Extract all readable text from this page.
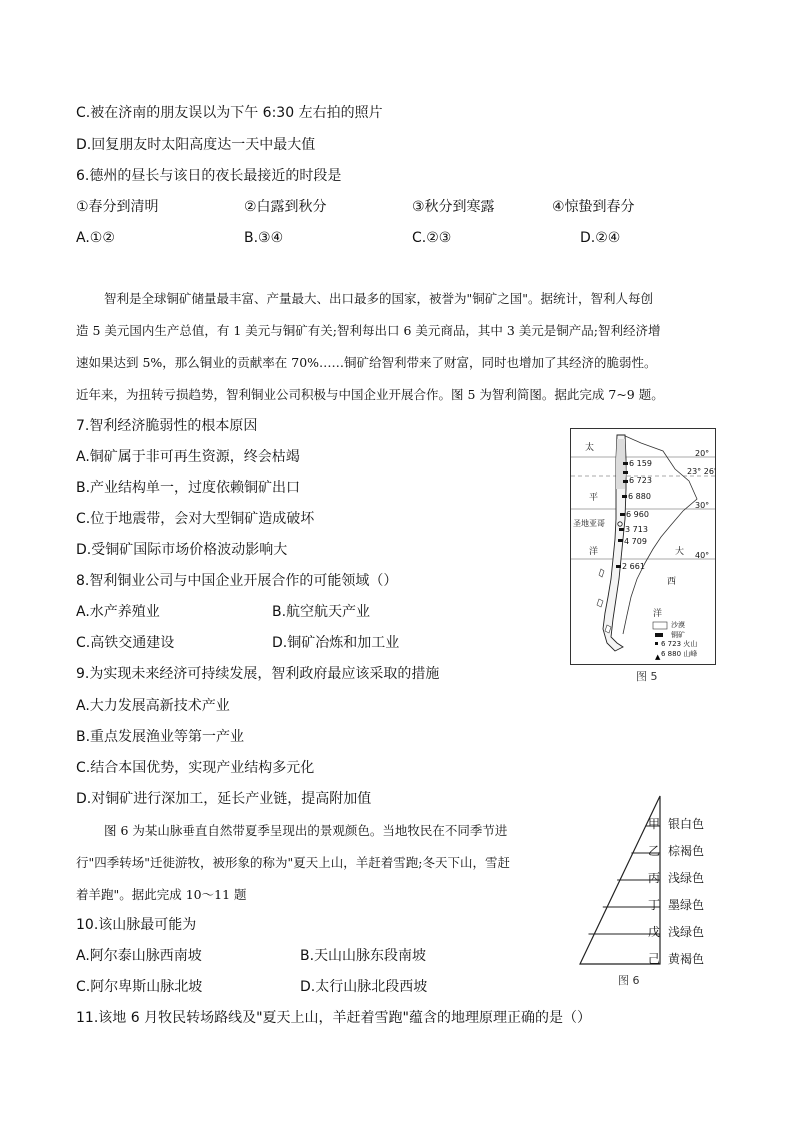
C.被在济南的朋友误以为下午 6:30 左右拍的照片
D.回复朋友时太阳高度达一天中最大值
6.德州的昼长与该日的夜长最接近的时段是
①春分到清明	②白露到秋分	③秋分到寒露	④惊蛰到春分
A.①②	B.③④	C.②③	D.②④
智利是全球铜矿储量最丰富、产量最大、出口最多的国家，被誉为"铜矿之国"。据统计，智利人每创
造 5 美元国内生产总值，有 1 美元与铜矿有关;智利每出口 6 美元商品，其中 3 美元是铜产品;智利经济增
速如果达到 5%，那么铜业的贡献率在 70%……铜矿给智利带来了财富，同时也增加了其经济的脆弱性。
近年来，为扭转亏损趋势，智利铜业公司积极与中国企业开展合作。图 5 为智利简图。据此完成 7~9 题。
7.智利经济脆弱性的根本原因
A.铜矿属于非可再生资源，终会枯竭
B.产业结构单一，过度依赖铜矿出口
C.位于地震带，会对大型铜矿造成破坏
D.受铜矿国际市场价格波动影响大
8.智利铜业公司与中国企业开展合作的可能领域（）
A.水产养殖业	B.航空航天产业
C.高铁交通建设	D.铜矿冶炼和加工业
9.为实现未来经济可持续发展，智利政府最应该采取的措施
A.大力发展高新技术产业
B.重点发展渔业等第一产业
C.结合本国优势，实现产业结构多元化
D.对铜矿进行深加工，延长产业链，提高附加值
▲
太
平
洋	大
西
洋
圣地亚哥
20°
23° 26'
30°
40°
6 159
6 723
6 880
6 960
3 713
4 709
2 661
沙漠
铜矿
6 723 火山
6 880 山峰
图 5
图 6 为某山脉垂直自然带夏季呈现出的景观颜色。当地牧民在不同季节进
行"四季转场"迁徙游牧，被形象的称为"夏天上山，羊赶着雪跑;冬天下山，雪赶
着羊跑"。据此完成 10～11 题
甲
乙
丙
丁
戊
己
银白色
棕褐色
浅绿色
墨绿色
浅绿色
黄褐色
图 6
10.该山脉最可能为
A.阿尔泰山脉西南坡	B.天山山脉东段南坡
C.阿尔卑斯山脉北坡	D.太行山脉北段西坡
11.该地 6 月牧民转场路线及"夏天上山，羊赶着雪跑"蕴含的地理原理正确的是（）
